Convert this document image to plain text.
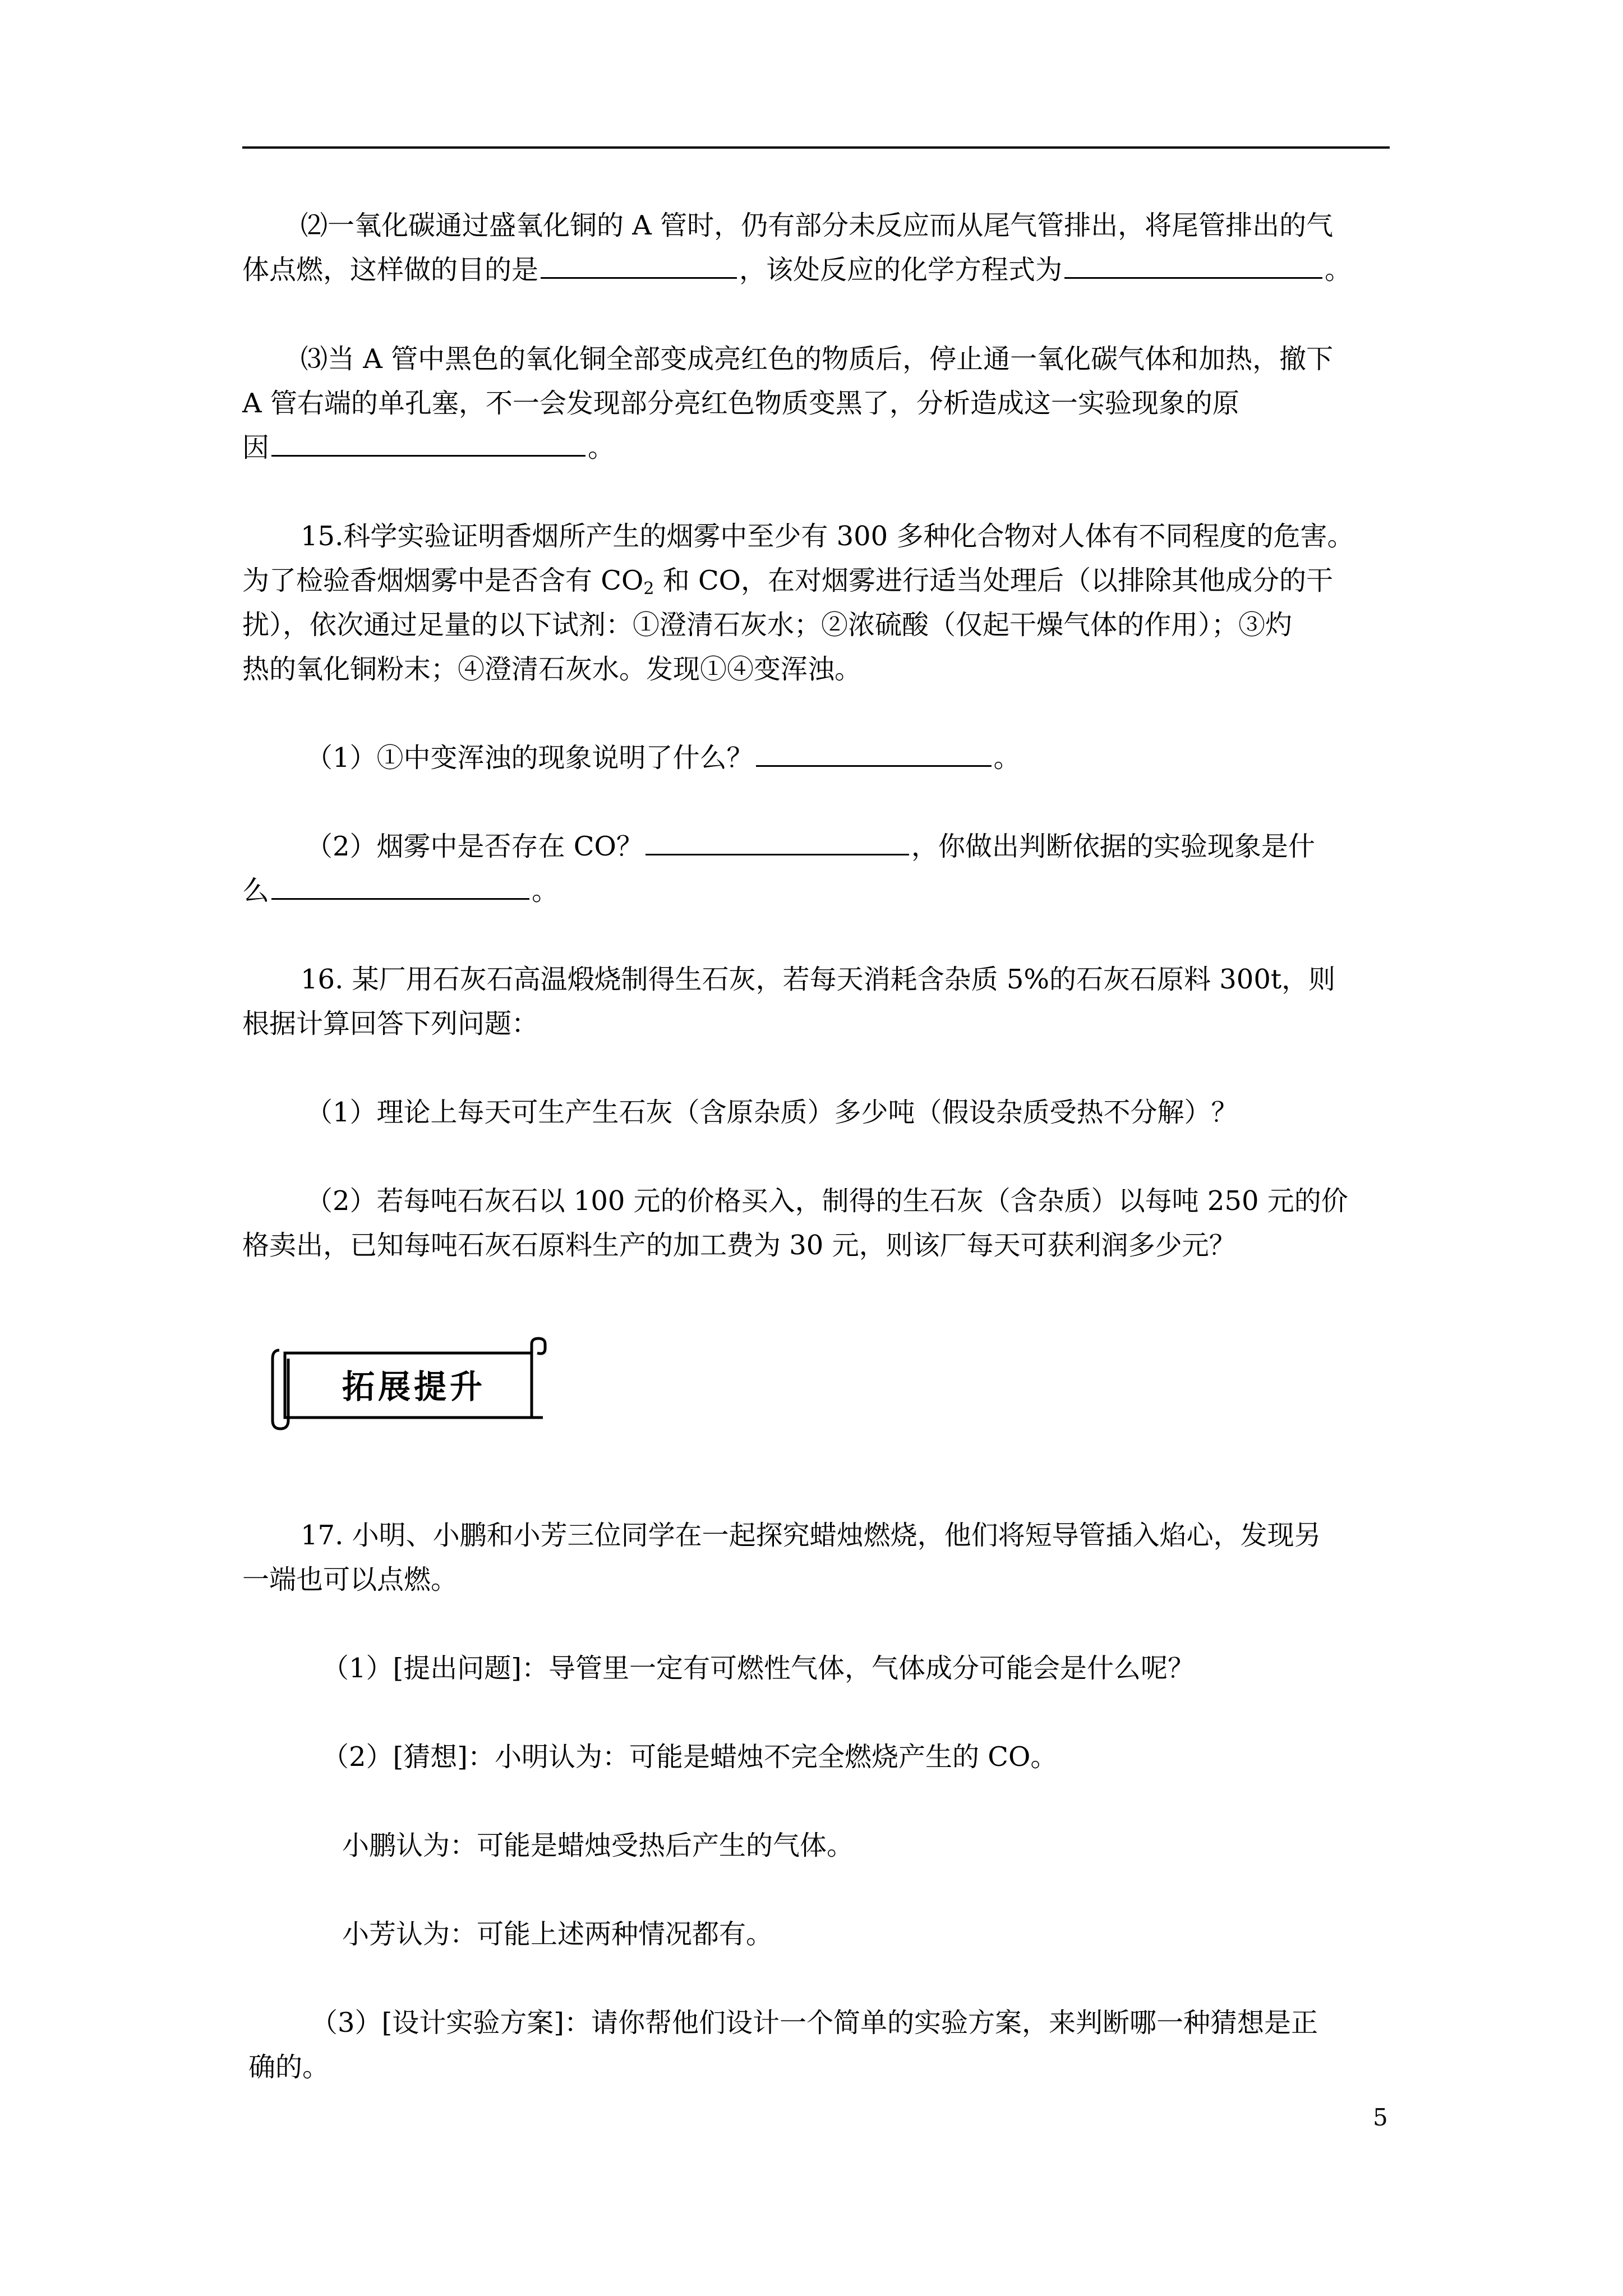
⑵一氧化碳通过盛氧化铜的 A 管时，仍有部分未反应而从尾气管排出，将尾管排出的气
体点燃，这样做的目的是	，该处反应的化学方程式为	。
⑶当 A 管中黑色的氧化铜全部变成亮红色的物质后，停止通一氧化碳气体和加热，撤下
A 管右端的单孔塞，不一会发现部分亮红色物质变黑了，分析造成这一实验现象的原
因	。
15.科学实验证明香烟所产生的烟雾中至少有 300 多种化合物对人体有不同程度的危害。
为了检验香烟烟雾中是否含有 $CO_2$ 和 CO，在对烟雾进行适当处理后（以排除其他成分的干
扰），依次通过足量的以下试剂：①澄清石灰水；②浓硫酸（仅起干燥气体的作用）；③灼
热的氧化铜粉末；④澄清石灰水。发现①④变浑浊。
（1）①中变浑浊的现象说明了什么？	。
（2）烟雾中是否存在 CO？	，你做出判断依据的实验现象是什
么	。
16. 某厂用石灰石高温煅烧制得生石灰，若每天消耗含杂质 5%的石灰石原料 300t，则
根据计算回答下列问题：
（1）理论上每天可生产生石灰（含原杂质）多少吨（假设杂质受热不分解）？
（2）若每吨石灰石以 100 元的价格买入，制得的生石灰（含杂质）以每吨 250 元的价
格卖出，已知每吨石灰石原料生产的加工费为 30 元，则该厂每天可获利润多少元？
拓展提升
17. 小明、小鹏和小芳三位同学在一起探究蜡烛燃烧，他们将短导管插入焰心，发现另
一端也可以点燃。
（1）[提出问题]：导管里一定有可燃性气体，气体成分可能会是什么呢？
（2）[猜想]：小明认为：可能是蜡烛不完全燃烧产生的 CO。
小鹏认为：可能是蜡烛受热后产生的气体。
小芳认为：可能上述两种情况都有。
（3）[设计实验方案]：请你帮他们设计一个简单的实验方案，来判断哪一种猜想是正
确的。
5
